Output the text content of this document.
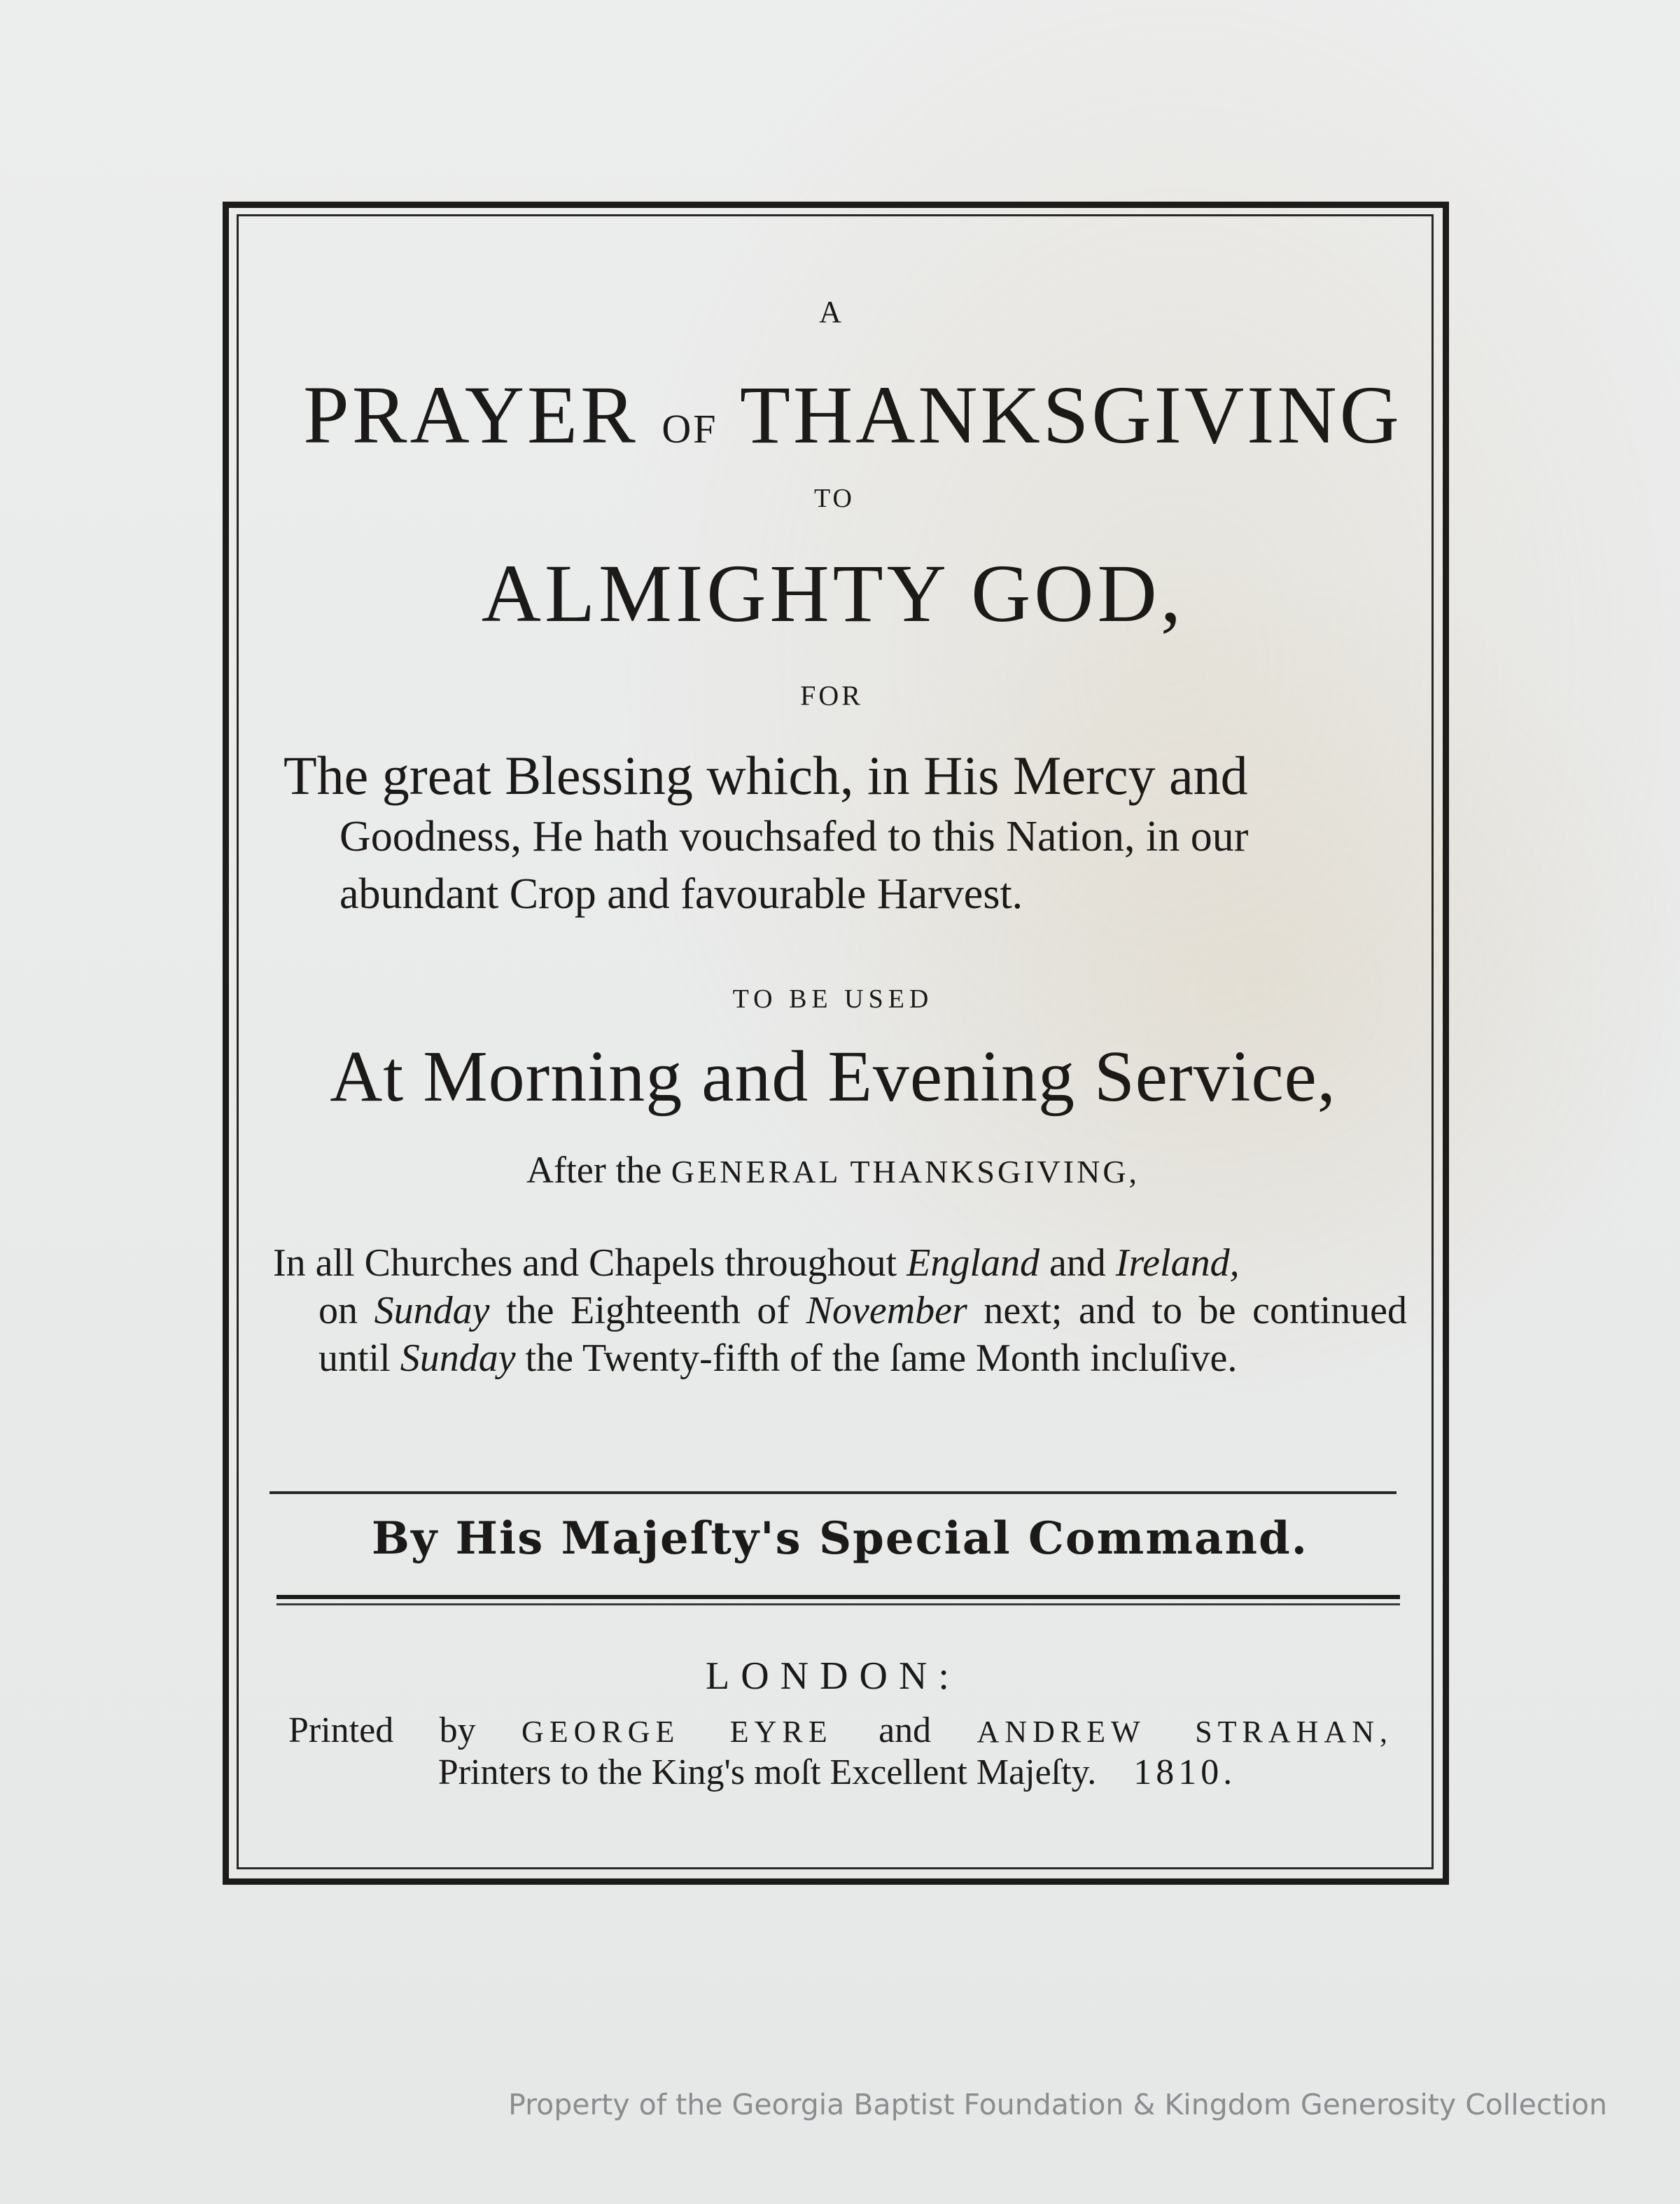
A
PRAYER OF THANKSGIVING
TO
ALMIGHTY GOD,
FOR
The great Blessing which, in His Mercy and
Goodness, He hath vouchsafed to this Nation, in our abundant Crop and favourable Harvest.
TO BE USED
At Morning and Evening Service,
After the GENERAL THANKSGIVING,
In all Churches and Chapels throughout England and Ireland,
on Sunday the Eighteenth of November next; and to be continued until Sunday the Twenty-fifth of the ſame Month incluſive.
By His Majeſty's Special Command.
LONDON:
Printed by GEORGE EYRE and ANDREW STRAHAN,
Printers to the King's moſt Excellent Majeſty. 1810.
Property of the Georgia Baptist Foundation & Kingdom Generosity Collection
